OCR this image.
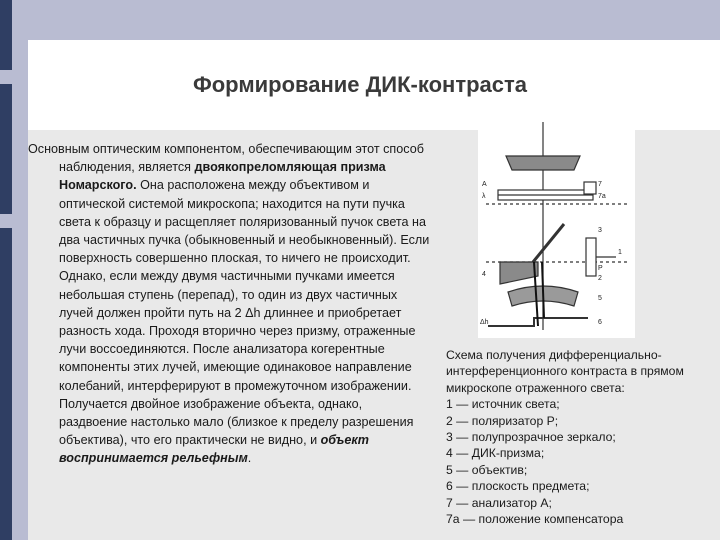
Формирование ДИК-контраста

Основным оптическим компонентом, обеспечивающим этот способ наблюдения, является двоякопреломляющая призма Номарского. Она расположена между объективом и оптической системой микроскопа; находится на пути пучка света к образцу и расщепляет поляризованный пучок света на два частичных пучка (обыкновенный и необыкновенный). Если поверхность совершенно плоская, то ничего не происходит. Однако, если между двумя частичными пучками имеется небольшая ступень (перепад), то один из двух частичных лучей должен пройти путь на 2 Δh длиннее и приобретает разность хода. Проходя вторично через призму, отраженные лучи воссоединяются. После анализатора когерентные компоненты этих лучей, имеющие одинаковое направление колебаний, интерферируют в промежуточном изображении. Получается двойное изображение объекта, однако, раздвоение настолько мало (близкое к пределу разрешения объектива), что его практически не видно, и объект воспринимается рельефным.

A
λ
7
7a
1
P
2
4
3
5
Δh	6
Схема получения дифференциально-
интерференционного контраста в прямом
микроскопе отраженного света:
1 — источник света;
2 — поляризатор P;
3 — полупрозрачное зеркало;
4 — ДИК-призма;
5 — объектив;
6 — плоскость предмета;
7 — анализатор A;
7а — положение компенсатора
